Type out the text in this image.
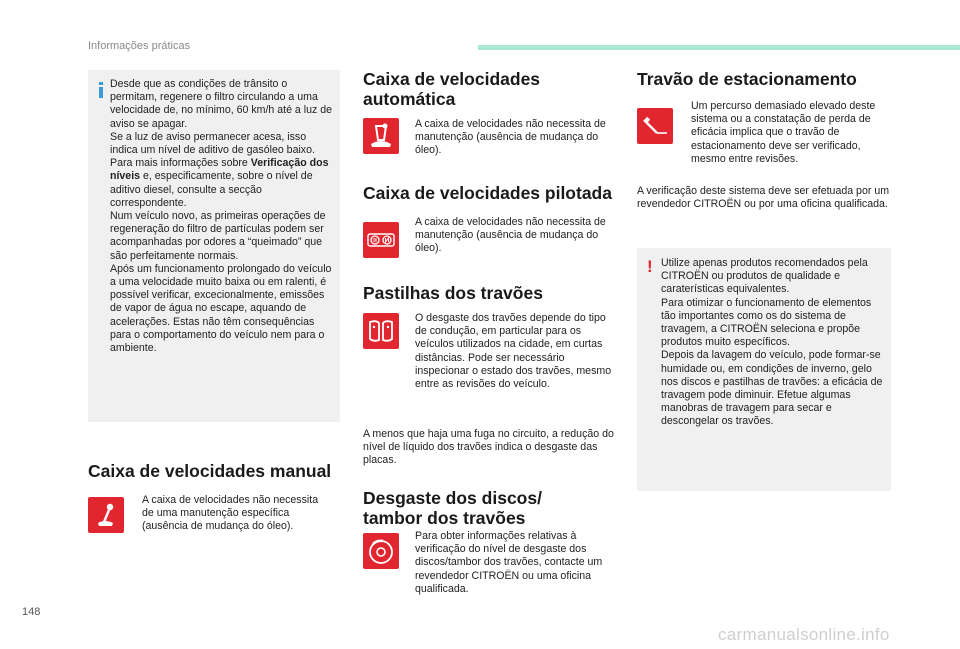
Informações práticas

Desde que as condições de trânsito o permitam, regenere o filtro circulando a uma velocidade de, no mínimo, 60 km/h até a luz de aviso se apagar.

Se a luz de aviso permanecer acesa, isso indica um nível de aditivo de gasóleo baixo.

Para mais informações sobre Verificação dos níveis e, especificamente, sobre o nível de aditivo diesel, consulte a secção correspondente.

Num veículo novo, as primeiras operações de regeneração do filtro de partículas podem ser acompanhadas por odores a “queimado” que são perfeitamente normais.

Após um funcionamento prolongado do veículo a uma velocidade muito baixa ou em ralenti, é possível verificar, excecionalmente, emissões de vapor de água no escape, aquando de acelerações. Estas não têm consequências para o comportamento do veículo nem para o ambiente.

Caixa de velocidades manual
A caixa de velocidades não necessita de uma manutenção específica (ausência de mudança do óleo).
Caixa de velocidades
automática
A caixa de velocidades não necessita de manutenção (ausência de mudança do óleo).
Caixa de velocidades pilotada
A caixa de velocidades não necessita de manutenção (ausência de mudança do óleo).
Pastilhas dos travões
O desgaste dos travões depende do tipo de condução, em particular para os veículos utilizados na cidade, em curtas distâncias. Pode ser necessário inspecionar o estado dos travões, mesmo entre as revisões do veículo.
A menos que haja uma fuga no circuito, a redução do nível de líquido dos travões indica o desgaste das placas.
Desgaste dos discos/
tambor dos travões
Para obter informações relativas à verificação do nível de desgaste dos discos/tambor dos travões, contacte um revendedor CITROËN ou uma oficina qualificada.
Travão de estacionamento
Um percurso demasiado elevado deste sistema ou a constatação de perda de eficácia implica que o travão de estacionamento deve ser verificado, mesmo entre revisões.
A verificação deste sistema deve ser efetuada por um revendedor CITROËN ou por uma oficina qualificada.
! Utilize apenas produtos recomendados pela CITROËN ou produtos de qualidade e caraterísticas equivalentes.

Para otimizar o funcionamento de elementos tão importantes como os do sistema de travagem, a CITROËN seleciona e propõe produtos muito específicos.

Depois da lavagem do veículo, pode formar-se humidade ou, em condições de inverno, gelo nos discos e pastilhas de travões: a eficácia de travagem pode diminuir. Efetue algumas manobras de travagem para secar e descongelar os travões.

148
carmanualsonline.info
